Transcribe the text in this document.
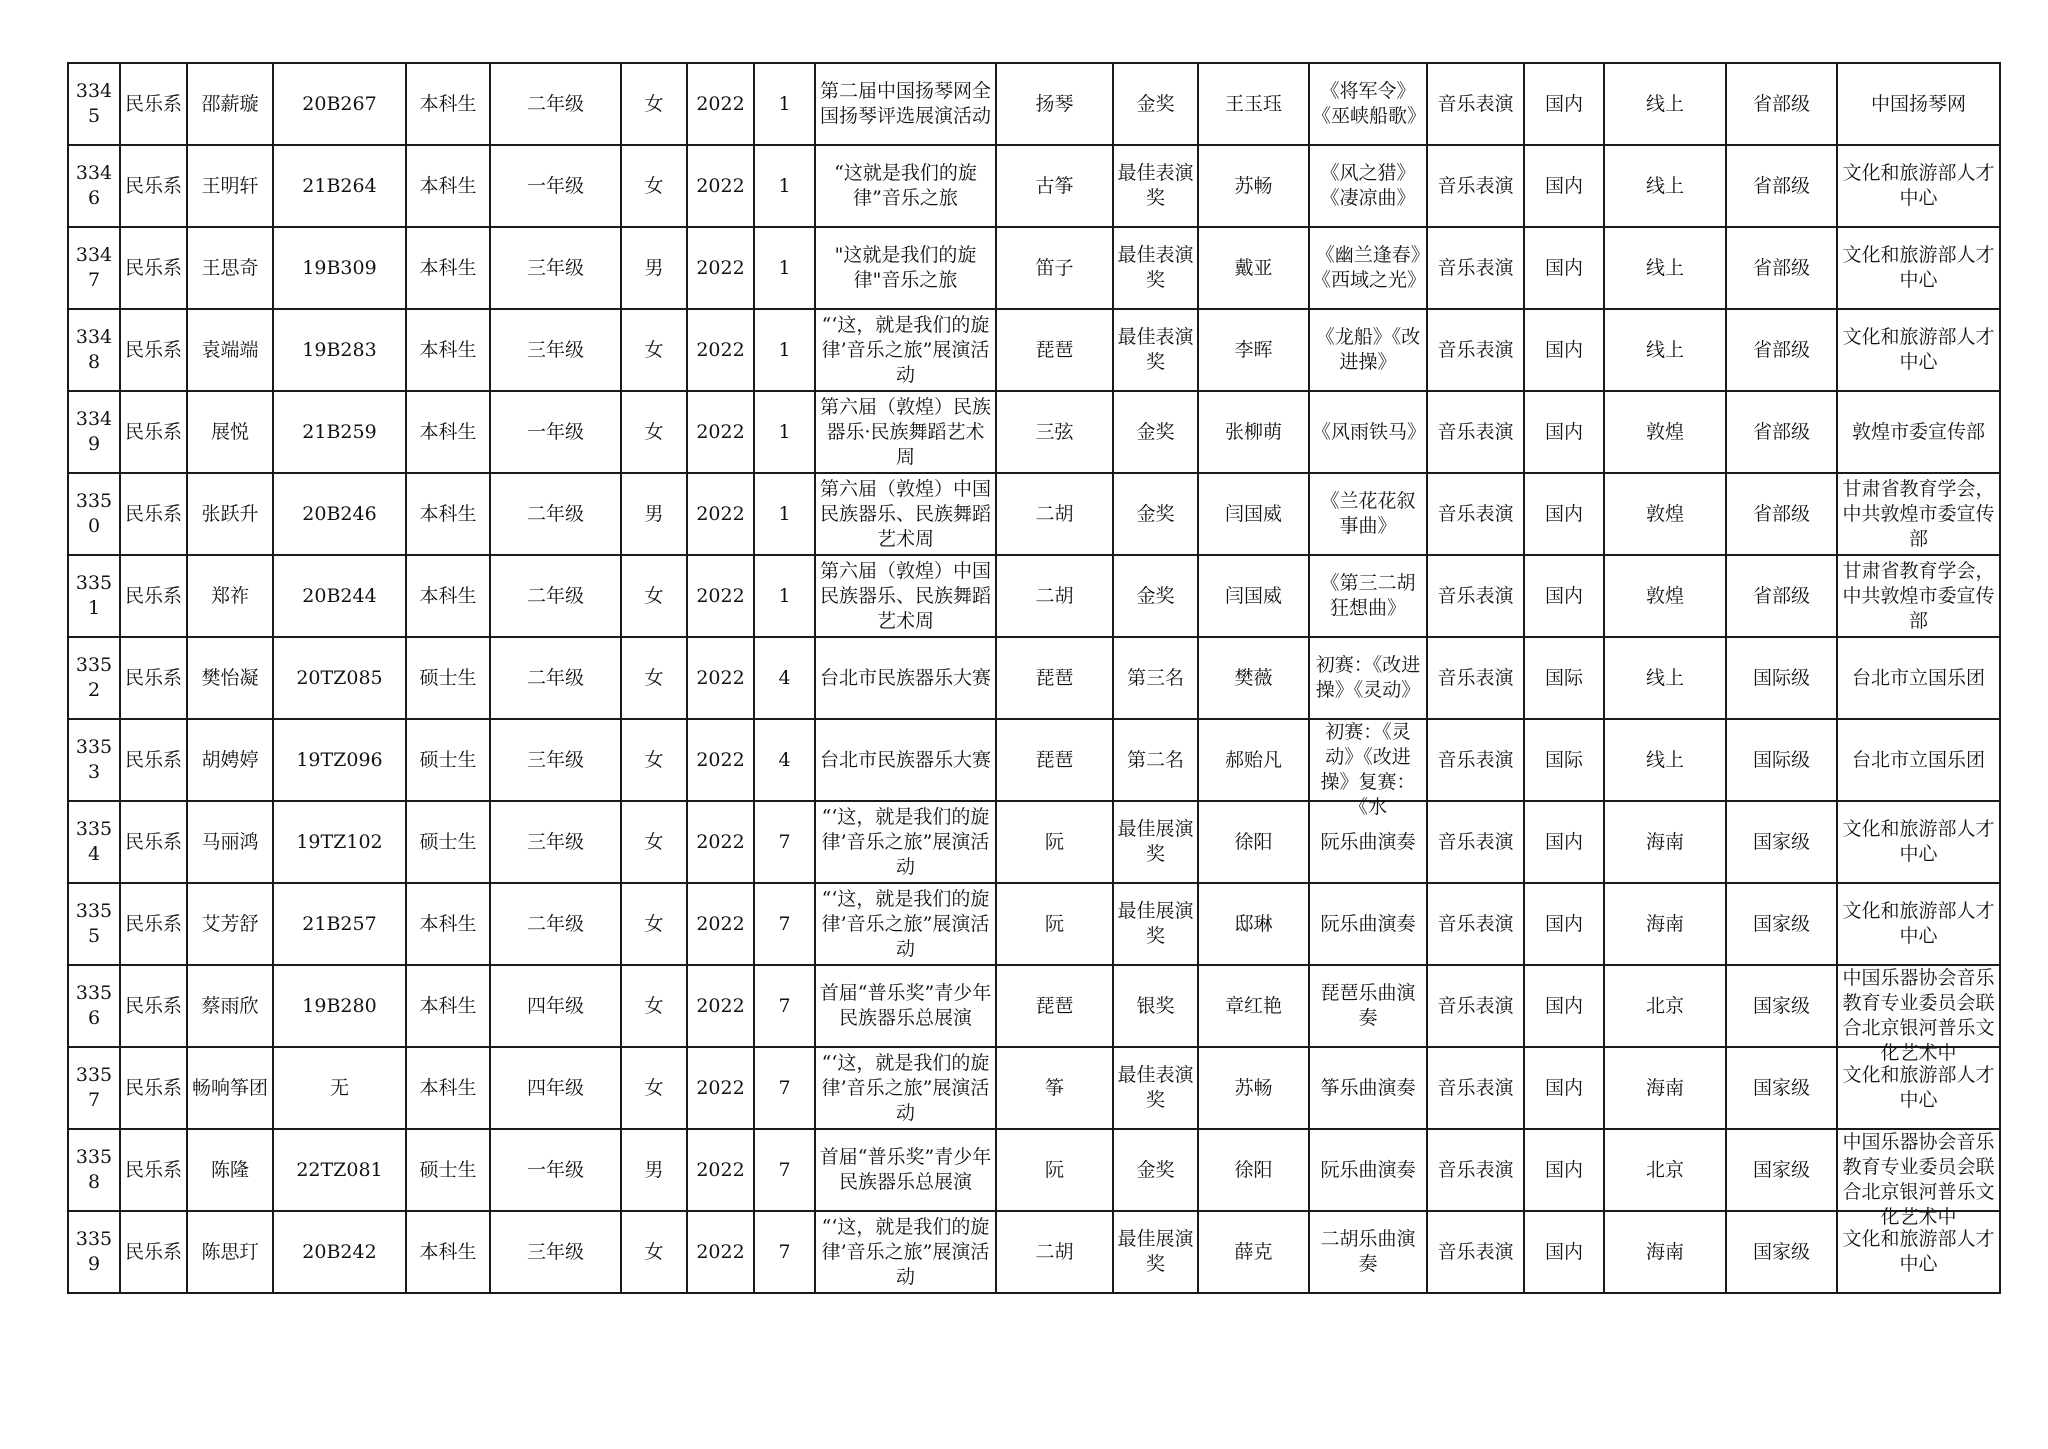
3345	民乐系	邵薪璇	20B267	本科生	二年级	女	2022	1	第二届中国扬琴网全国扬琴评选展演活动	扬琴	金奖	王玉珏	《将军令》《巫峡船歌》	音乐表演	国内	线上	省部级	中国扬琴网

3346	民乐系	王明轩	21B264	本科生	一年级	女	2022	1	“这就是我们的旋律”音乐之旅	古筝	最佳表演奖	苏畅	《风之猎》《凄凉曲》	音乐表演	国内	线上	省部级	文化和旅游部人才中心

3347	民乐系	王思奇	19B309	本科生	三年级	男	2022	1	"这就是我们的旋律"音乐之旅	笛子	最佳表演奖	戴亚	《幽兰逢春》《西域之光》	音乐表演	国内	线上	省部级	文化和旅游部人才中心

3348	民乐系	袁端端	19B283	本科生	三年级	女	2022	1	“‘这，就是我们的旋律’音乐之旅”展演活动	琵琶	最佳表演奖	李晖	《龙船》《改进操》	音乐表演	国内	线上	省部级	文化和旅游部人才中心

3349	民乐系	展悦	21B259	本科生	一年级	女	2022	1	第六届（敦煌）民族器乐·民族舞蹈艺术周	三弦	金奖	张柳萌	《风雨铁马》	音乐表演	国内	敦煌	省部级	敦煌市委宣传部

3350	民乐系	张跃升	20B246	本科生	二年级	男	2022	1	第六届（敦煌）中国民族器乐、民族舞蹈艺术周	二胡	金奖	闫国威	《兰花花叙事曲》	音乐表演	国内	敦煌	省部级	甘肃省教育学会，中共敦煌市委宣传部

3351	民乐系	郑祚	20B244	本科生	二年级	女	2022	1	第六届（敦煌）中国民族器乐、民族舞蹈艺术周	二胡	金奖	闫国威	《第三二胡狂想曲》	音乐表演	国内	敦煌	省部级	甘肃省教育学会，中共敦煌市委宣传部

3352	民乐系	樊怡凝	20TZ085	硕士生	二年级	女	2022	4	台北市民族器乐大赛	琵琶	第三名	樊薇	初赛：《改进操》《灵动》	音乐表演	国际	线上	国际级	台北市立国乐团

3353	民乐系	胡娉婷	19TZ096	硕士生	三年级	女	2022	4	台北市民族器乐大赛	琵琶	第二名	郝贻凡	初赛：《灵动》《改进操》复赛：《水	音乐表演	国际	线上	国际级	台北市立国乐团

3354	民乐系	马丽鸿	19TZ102	硕士生	三年级	女	2022	7	“‘这，就是我们的旋律’音乐之旅”展演活动	阮	最佳展演奖	徐阳	阮乐曲演奏	音乐表演	国内	海南	国家级	文化和旅游部人才中心

3355	民乐系	艾芳舒	21B257	本科生	二年级	女	2022	7	“‘这，就是我们的旋律’音乐之旅”展演活动	阮	最佳展演奖	邸琳	阮乐曲演奏	音乐表演	国内	海南	国家级	文化和旅游部人才中心

3356	民乐系	蔡雨欣	19B280	本科生	四年级	女	2022	7	首届“普乐奖”青少年民族器乐总展演	琵琶	银奖	章红艳	琵琶乐曲演奏	音乐表演	国内	北京	国家级	中国乐器协会音乐教育专业委员会联合北京银河普乐文化艺术中

3357	民乐系	畅响筝团	无	本科生	四年级	女	2022	7	“‘这，就是我们的旋律’音乐之旅”展演活动	筝	最佳表演奖	苏畅	筝乐曲演奏	音乐表演	国内	海南	国家级	文化和旅游部人才中心

3358	民乐系	陈隆	22TZ081	硕士生	一年级	男	2022	7	首届“普乐奖”青少年民族器乐总展演	阮	金奖	徐阳	阮乐曲演奏	音乐表演	国内	北京	国家级	中国乐器协会音乐教育专业委员会联合北京银河普乐文化艺术中

3359	民乐系	陈思玎	20B242	本科生	三年级	女	2022	7	“‘这，就是我们的旋律’音乐之旅”展演活动	二胡	最佳展演奖	薛克	二胡乐曲演奏	音乐表演	国内	海南	国家级	文化和旅游部人才中心
